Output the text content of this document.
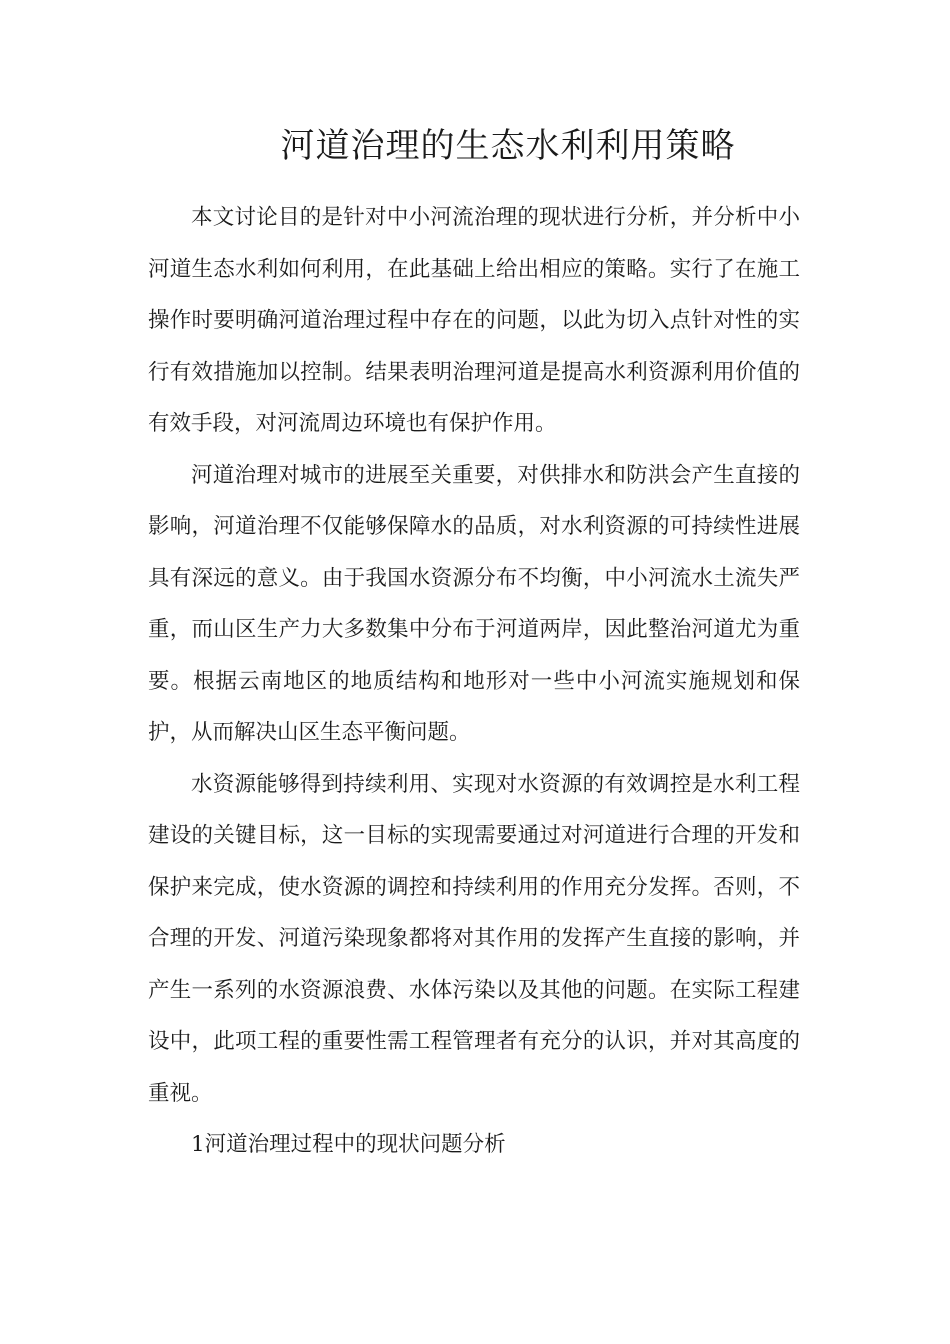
河道治理的生态水利利用策略

本文讨论目的是针对中小河流治理的现状进行分析，并分析中小河道生态水利如何利用，在此基础上给出相应的策略。实行了在施工操作时要明确河道治理过程中存在的问题，以此为切入点针对性的实行有效措施加以控制。结果表明治理河道是提高水利资源利用价值的有效手段，对河流周边环境也有保护作用。

河道治理对城市的进展至关重要，对供排水和防洪会产生直接的影响，河道治理不仅能够保障水的品质，对水利资源的可持续性进展具有深远的意义。由于我国水资源分布不均衡，中小河流水土流失严重，而山区生产力大多数集中分布于河道两岸，因此整治河道尤为重要。根据云南地区的地质结构和地形对一些中小河流实施规划和保护，从而解决山区生态平衡问题。

水资源能够得到持续利用、实现对水资源的有效调控是水利工程建设的关键目标，这一目标的实现需要通过对河道进行合理的开发和保护来完成，使水资源的调控和持续利用的作用充分发挥。否则，不合理的开发、河道污染现象都将对其作用的发挥产生直接的影响，并产生一系列的水资源浪费、水体污染以及其他的问题。在实际工程建设中，此项工程的重要性需工程管理者有充分的认识，并对其高度的重视。

1河道治理过程中的现状问题分析
